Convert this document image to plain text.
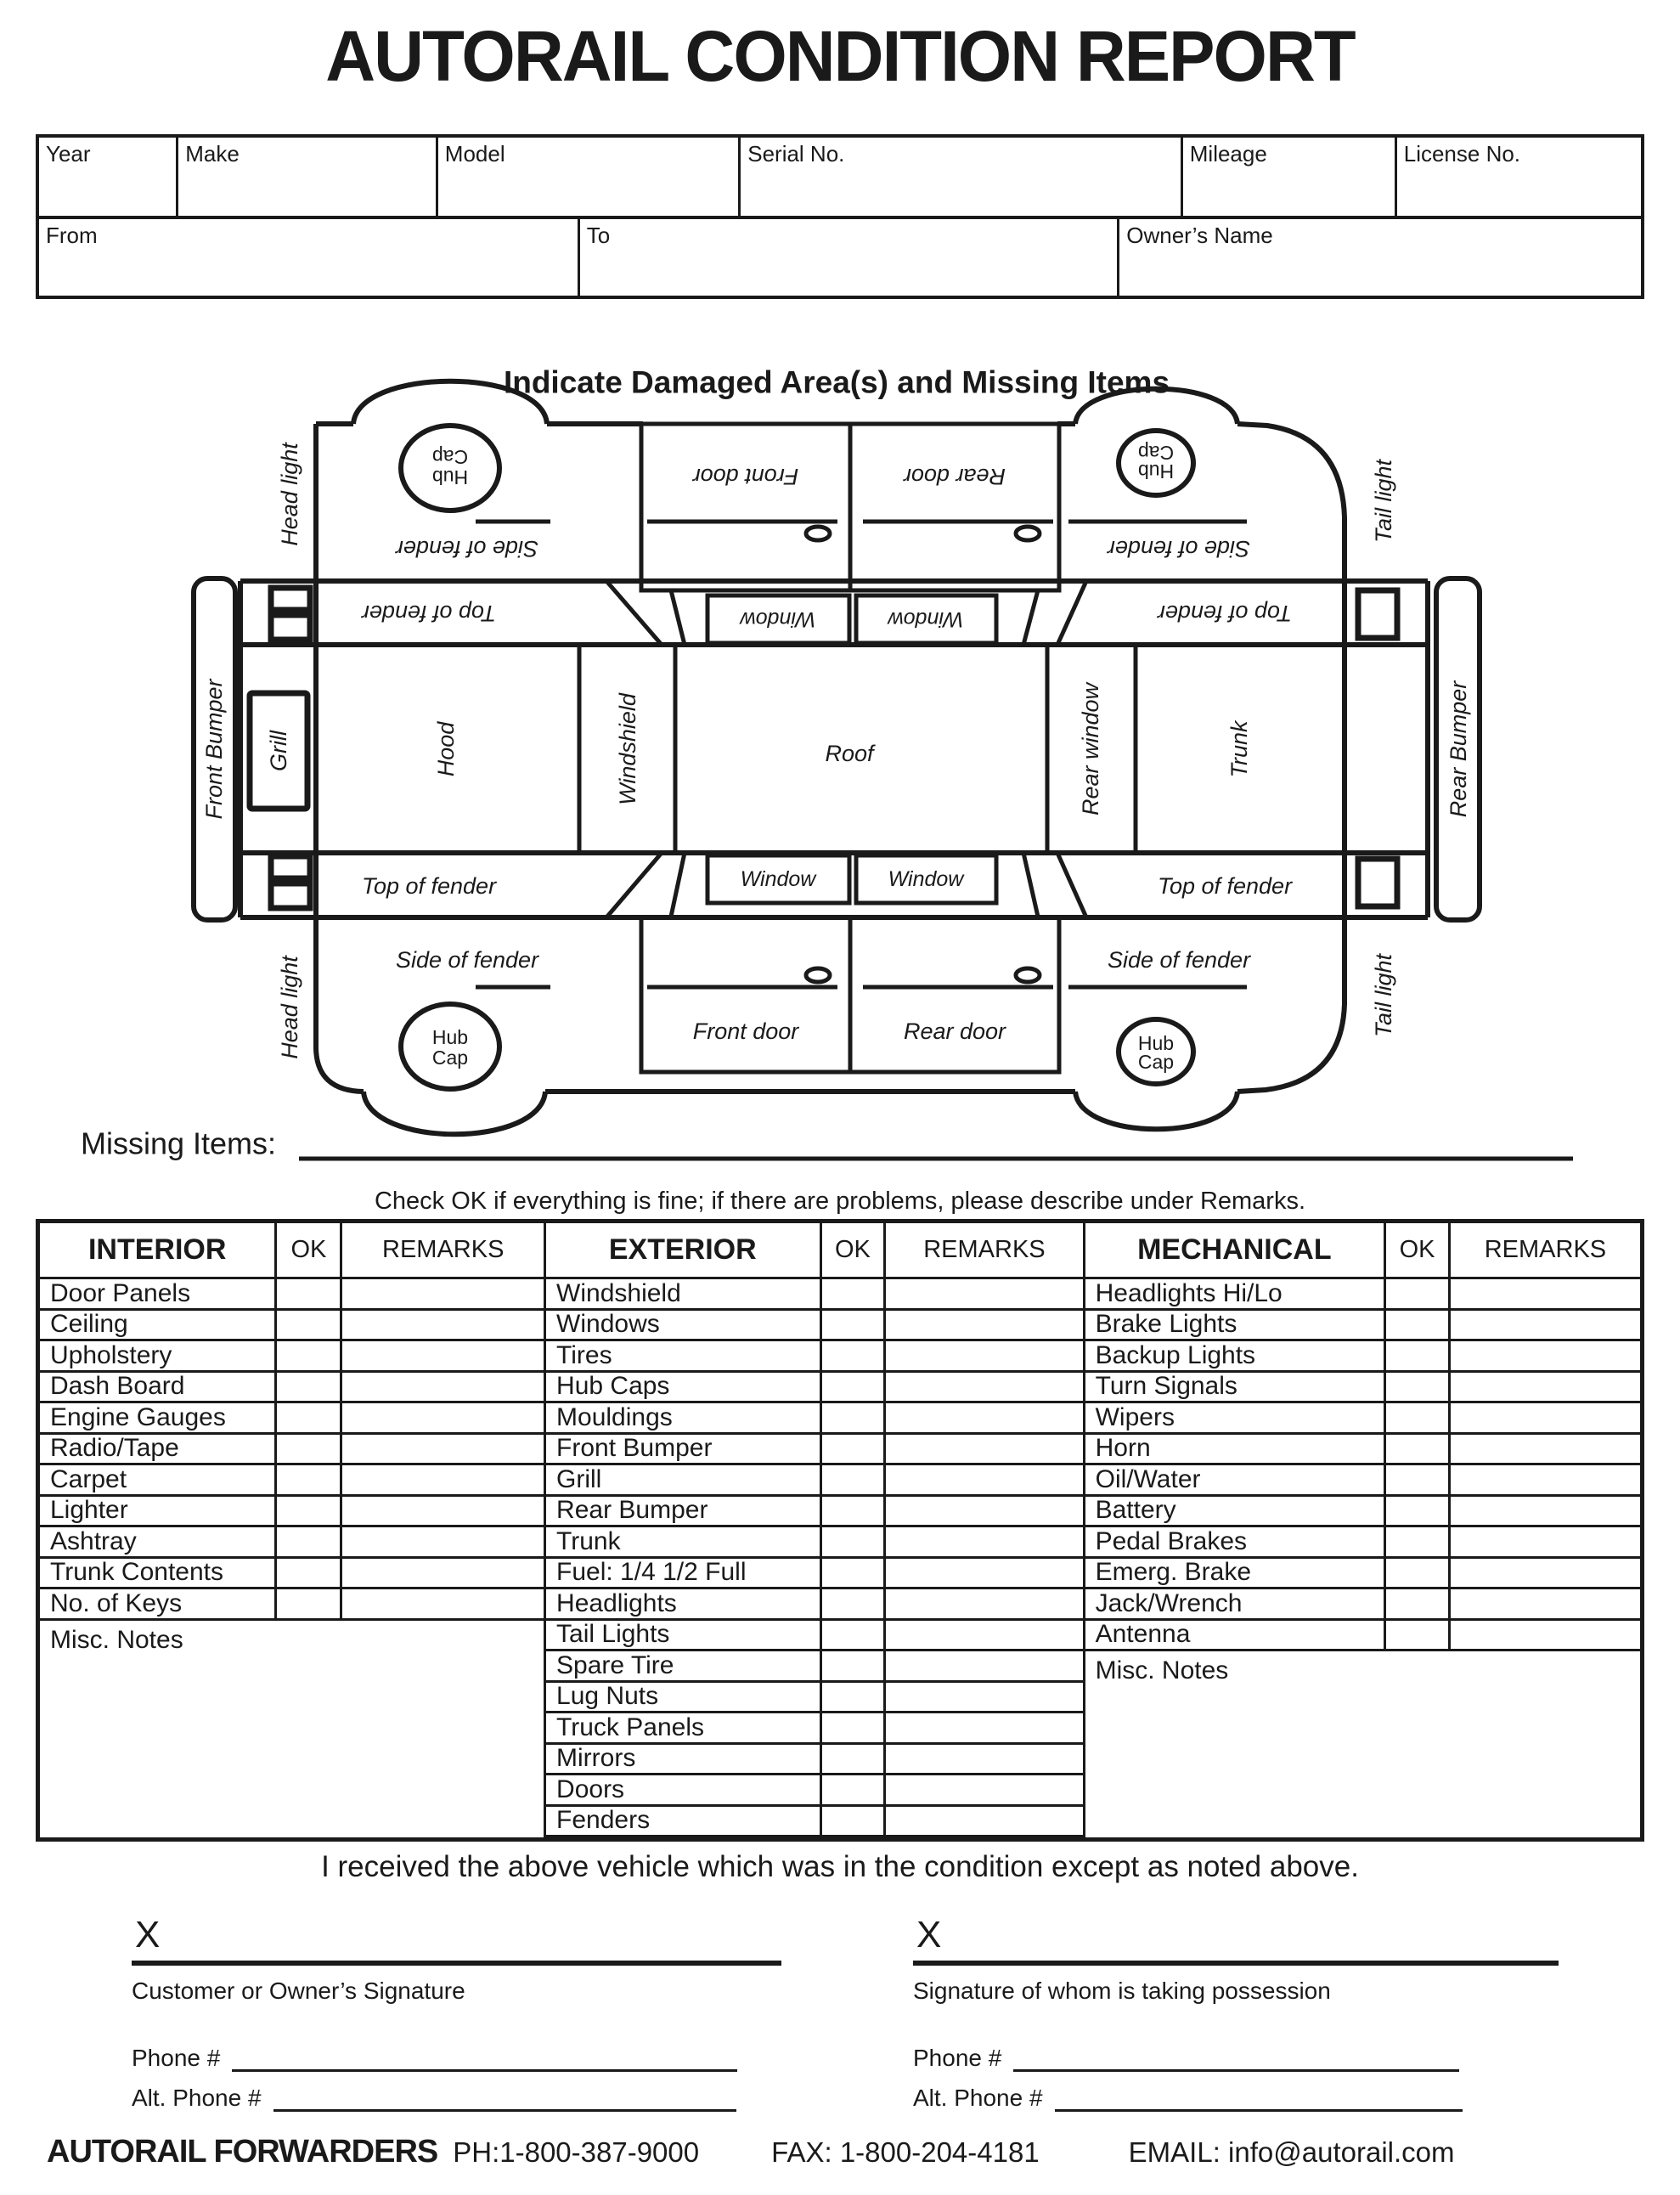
AUTORAIL CONDITION REPORT
Year	Make	Model	Serial No.	Mileage	License No.
From	To	Owner’s Name
Indicate Damaged Area(s) and Missing Items
HubCap
HubCap
Front door	Rear door
Side of fender	Side of fender
Window	Window
Window	Window
Top of fender	Top of fender
Top of fender	Top of fender
Front Bumper Grill	Hood	Windshield	Roof	Rear window	Trunk	Rear Bumper
Head light
Head light
Tail light
Tail light
Hub Cap
Hub Cap
Side of fender	Side of fender
Front door	Rear door
Missing Items:
Check OK if everything is fine; if there are problems, please describe under Remarks.
INTERIOR	OK	REMARKS
Door Panels
Ceiling
Upholstery
Dash Board
Engine Gauges
Radio/Tape
Carpet
Lighter
Ashtray
Trunk Contents
No. of Keys
Misc. Notes
EXTERIOR	OK	REMARKS
Windshield
Windows
Tires
Hub Caps
Mouldings
Front Bumper
Grill
Rear Bumper
Trunk
Fuel: 1/4 1/2 Full
Headlights
Tail Lights
Spare Tire
Lug Nuts
Truck Panels
Mirrors
Doors
Fenders
MECHANICAL	OK	REMARKS
Headlights Hi/Lo
Brake Lights
Backup Lights
Turn Signals
Wipers
Horn
Oil/Water
Battery
Pedal Brakes
Emerg. Brake
Jack/Wrench
Antenna
Misc. Notes
I received the above vehicle which was in the condition except as noted above.
X
Customer or Owner’s Signature
Phone #
Alt. Phone #
X
Signature of whom is taking possession
Phone #
Alt. Phone #
AUTORAIL FORWARDERS PH:1-800-387-9000	FAX: 1-800-204-4181	EMAIL: info@autorail.com
